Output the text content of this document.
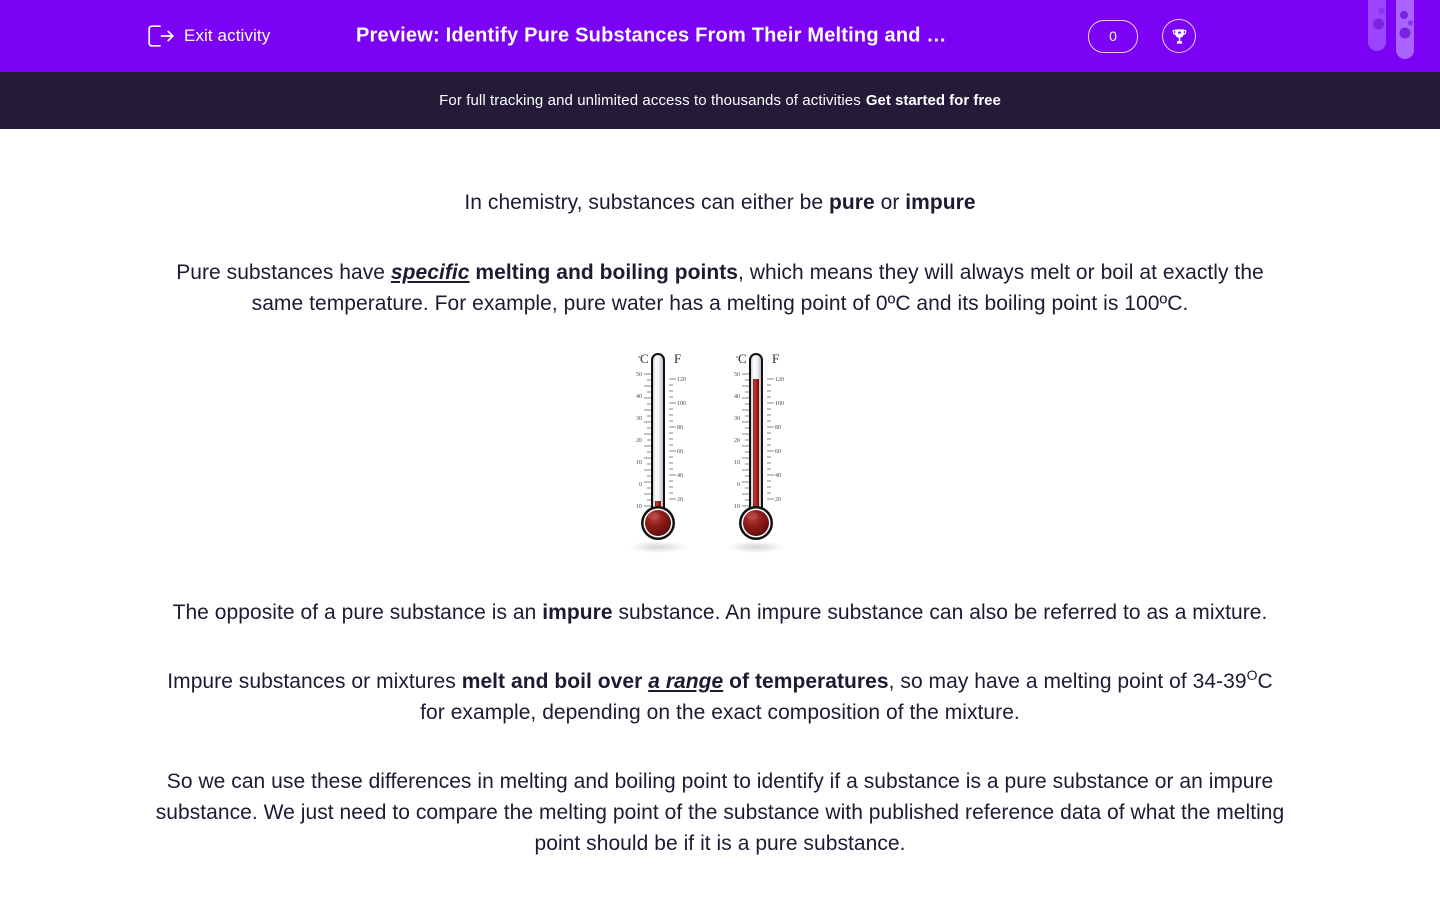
Exit activity	Preview: Identify Pure Substances From Their Melting and …	0
For full tracking and unlimited access to thousands of activities Get started for free

In chemistry, substances can either be pure or impure

Pure substances have specific melting and boiling points, which means they will always melt or boil at exactly the same temperature. For example, pure water has a melting point of 0ºC and its boiling point is 100ºC.

º C F
50
40
30
20
10
0
10
120
100
80
60
40
20
º C F
50
40
30
20
10
0
10
120
100
80
60
40
20

The opposite of a pure substance is an impure substance. An impure substance can also be referred to as a mixture.

Impure substances or mixtures melt and boil over a range of temperatures, so may have a melting point of $34-39^OC$ for example, depending on the exact composition of the mixture.

So we can use these differences in melting and boiling point to identify if a substance is a pure substance or an impure substance. We just need to compare the melting point of the substance with published reference data of what the melting point should be if it is a pure substance.
